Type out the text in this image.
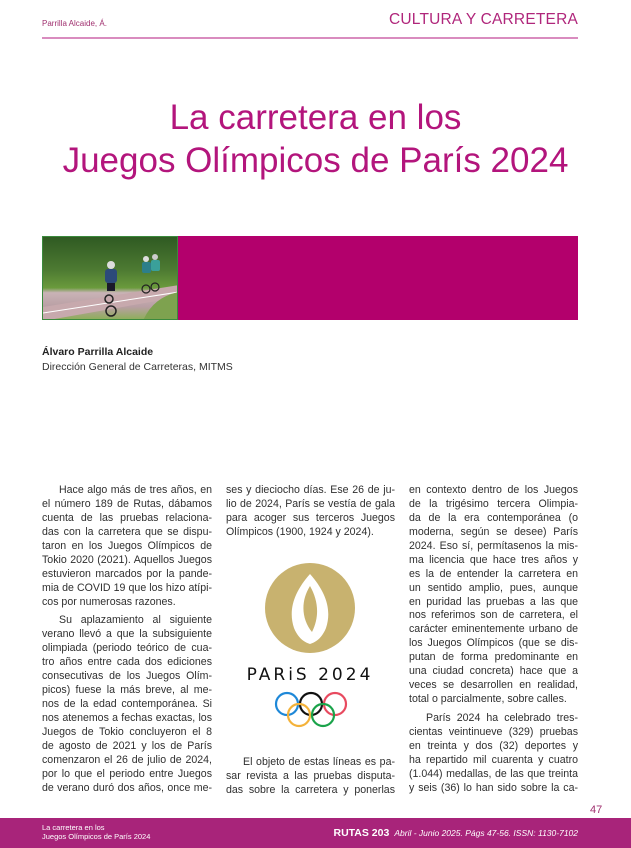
Parrilla Alcaide, Á.	CULTURA Y CARRETERA
La carretera en los
Juegos Olímpicos de París 2024
Álvaro Parrilla Alcaide
Dirección General de Carreteras, MITMS
Hace algo más de tres años, en
el número 189 de Rutas, dábamos
cuenta de las pruebas relaciona-
das con la carretera que se dispu-
taron en los Juegos Olímpicos de
Tokio 2020 (2021). Aquellos Juegos
estuvieron marcados por la pande-
mia de COVID 19 que los hizo atípi-
cos por numerosas razones.
Su aplazamiento al siguiente
verano llevó a que la subsiguiente
olimpiada (periodo teórico de cua-
tro años entre cada dos ediciones
consecutivas de los Juegos Olím-
picos) fuese la más breve, al me-
nos de la edad contemporánea. Si
nos atenemos a fechas exactas, los
Juegos de Tokio concluyeron el 8
de agosto de 2021 y los de París
comenzaron el 26 de julio de 2024,
por lo que el periodo entre Juegos
de verano duró dos años, once me-
ses y dieciocho días. Ese 26 de ju-
lio de 2024, París se vestía de gala
para acoger sus terceros Juegos
Olímpicos (1900, 1924 y 2024).
PARiS 2024
El objeto de estas líneas es pa-
sar revista a las pruebas disputa-
das sobre la carretera y ponerlas
en contexto dentro de los Juegos
de la trigésimo tercera Olimpia-
da de la era contemporánea (o
moderna, según se desee) París
2024. Eso sí, permítasenos la mis-
ma licencia que hace tres años y
es la de entender la carretera en
un sentido amplio, pues, aunque
en puridad las pruebas a las que
nos referimos son de carretera, el
carácter eminentemente urbano de
los Juegos Olímpicos (que se dis-
putan de forma predominante en
una ciudad concreta) hace que a
veces se desarrollen en realidad,
total o parcialmente, sobre calles.
París 2024 ha celebrado tres-
cientas veintinueve (329) pruebas
en treinta y dos (32) deportes y
ha repartido mil cuarenta y cuatro
(1.044) medallas, de las que treinta
y seis (36) lo han sido sobre la ca-
47
La carretera en los
Juegos Olímpicos de París 2024	RUTAS 203 Abril - Junio 2025. Págs 47-56. ISSN: 1130-7102
